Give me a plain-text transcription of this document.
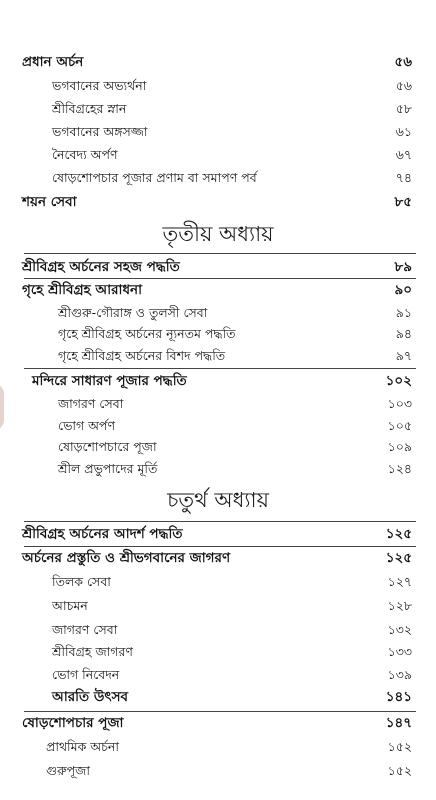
প্রধান অর্চন	৫৬
ভগবানের অভ্যর্থনা	৫৬
শ্রীবিগ্রহের স্নান	৫৮
ভগবানের অঙ্গসজ্জা	৬১
নৈবেদ্য অর্পণ	৬৭
ষোড়শোপচার পূজার প্রণাম বা সমাপণ পর্ব	৭৪
শয়ন সেবা	৮৫
তৃতীয় অধ্যায়
শ্রীবিগ্রহ অর্চনের সহজ পদ্ধতি	৮৯
গৃহে শ্রীবিগ্রহ আরাধনা	৯০
শ্রীগুরু-গৌরাঙ্গ ও তুলসী সেবা	৯১
গৃহে শ্রীবিগ্রহ অর্চনের ন্যূনতম পদ্ধতি	৯৪
গৃহে শ্রীবিগ্রহ অর্চনের বিশদ পদ্ধতি	৯৭
মন্দিরে সাধারণ পূজার পদ্ধতি	১০২
জাগরণ সেবা	১০৩
ভোগ অর্পণ	১০৫
ষোড়শোপচারে পূজা	১০৯
শ্রীল প্রভুপাদের মূর্তি	১২৪
চতুর্থ অধ্যায়
শ্রীবিগ্রহ অর্চনের আদর্শ পদ্ধতি	১২৫
অর্চনের প্রস্তুতি ও শ্রীভগবানের জাগরণ	১২৫
তিলক সেবা	১২৭
আচমন	১২৮
জাগরণ সেবা	১৩২
শ্রীবিগ্রহ জাগরণ	১৩৩
ভোগ নিবেদন	১৩৯
আরতি উৎসব	১৪১
ষোড়শোপচার পূজা	১৪৭
প্রাথমিক অর্চনা	১৫২
গুরুপূজা	১৫২
